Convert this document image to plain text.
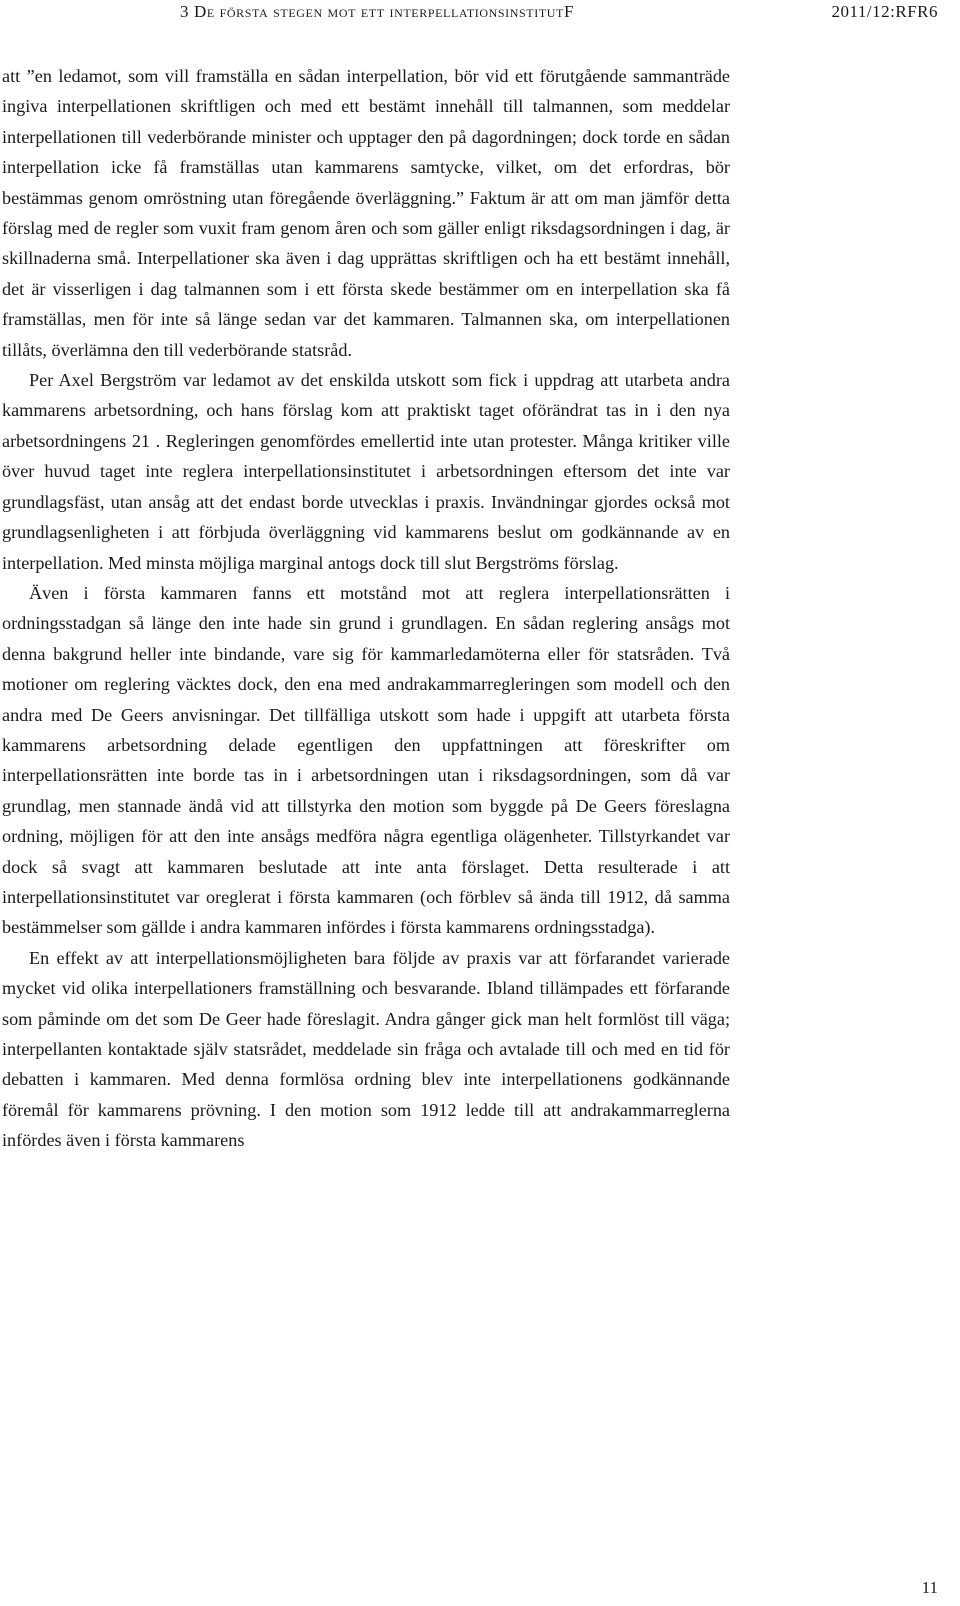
3 De första stegen mot ett interpellationsinstitutF	2011/12:RFR6

att ”en ledamot, som vill framställa en sådan interpellation, bör vid ett förutgående sammanträde ingiva interpellationen skriftligen och med ett bestämt innehåll till talmannen, som meddelar interpellationen till vederbörande minister och upptager den på dagordningen; dock torde en sådan interpellation icke få framställas utan kammarens samtycke, vilket, om det erfordras, bör bestämmas genom omröstning utan föregående överläggning.” Faktum är att om man jämför detta förslag med de regler som vuxit fram genom åren och som gäller enligt riksdagsordningen i dag, är skillnaderna små. Interpellationer ska även i dag upprättas skriftligen och ha ett bestämt innehåll, det är visserligen i dag talmannen som i ett första skede bestämmer om en interpellation ska få framställas, men för inte så länge sedan var det kammaren. Talmannen ska, om interpellationen tillåts, överlämna den till vederbörande statsråd.

Per Axel Bergström var ledamot av det enskilda utskott som fick i uppdrag att utarbeta andra kammarens arbetsordning, och hans förslag kom att praktiskt taget oförändrat tas in i den nya arbetsordningens 21 . Regleringen genomfördes emellertid inte utan protester. Många kritiker ville över huvud taget inte reglera interpellationsinstitutet i arbetsordningen eftersom det inte var grundlagsfäst, utan ansåg att det endast borde utvecklas i praxis. Invändningar gjordes också mot grundlagsenligheten i att förbjuda överläggning vid kammarens beslut om godkännande av en interpellation. Med minsta möjliga marginal antogs dock till slut Bergströms förslag.

Även i första kammaren fanns ett motstånd mot att reglera interpellationsrätten i ordningsstadgan så länge den inte hade sin grund i grundlagen. En sådan reglering ansågs mot denna bakgrund heller inte bindande, vare sig för kammarledamöterna eller för statsråden. Två motioner om reglering väcktes dock, den ena med andrakammarregleringen som modell och den andra med De Geers anvisningar. Det tillfälliga utskott som hade i uppgift att utarbeta första kammarens arbetsordning delade egentligen den uppfattningen att föreskrifter om interpellationsrätten inte borde tas in i arbetsordningen utan i riksdagsordningen, som då var grundlag, men stannade ändå vid att tillstyrka den motion som byggde på De Geers föreslagna ordning, möjligen för att den inte ansågs medföra några egentliga olägenheter. Tillstyrkandet var dock så svagt att kammaren beslutade att inte anta förslaget. Detta resulterade i att interpellationsinstitutet var oreglerat i första kammaren (och förblev så ända till 1912, då samma bestämmelser som gällde i andra kammaren infördes i första kammarens ordningsstadga).

En effekt av att interpellationsmöjligheten bara följde av praxis var att förfarandet varierade mycket vid olika interpellationers framställning och besvarande. Ibland tillämpades ett förfarande som påminde om det som De Geer hade föreslagit. Andra gånger gick man helt formlöst till väga; interpellanten kontaktade själv statsrådet, meddelade sin fråga och avtalade till och med en tid för debatten i kammaren. Med denna formlösa ordning blev inte interpellationens godkännande föremål för kammarens prövning. I den motion som 1912 ledde till att andrakammarreglerna infördes även i första kammarens

11
